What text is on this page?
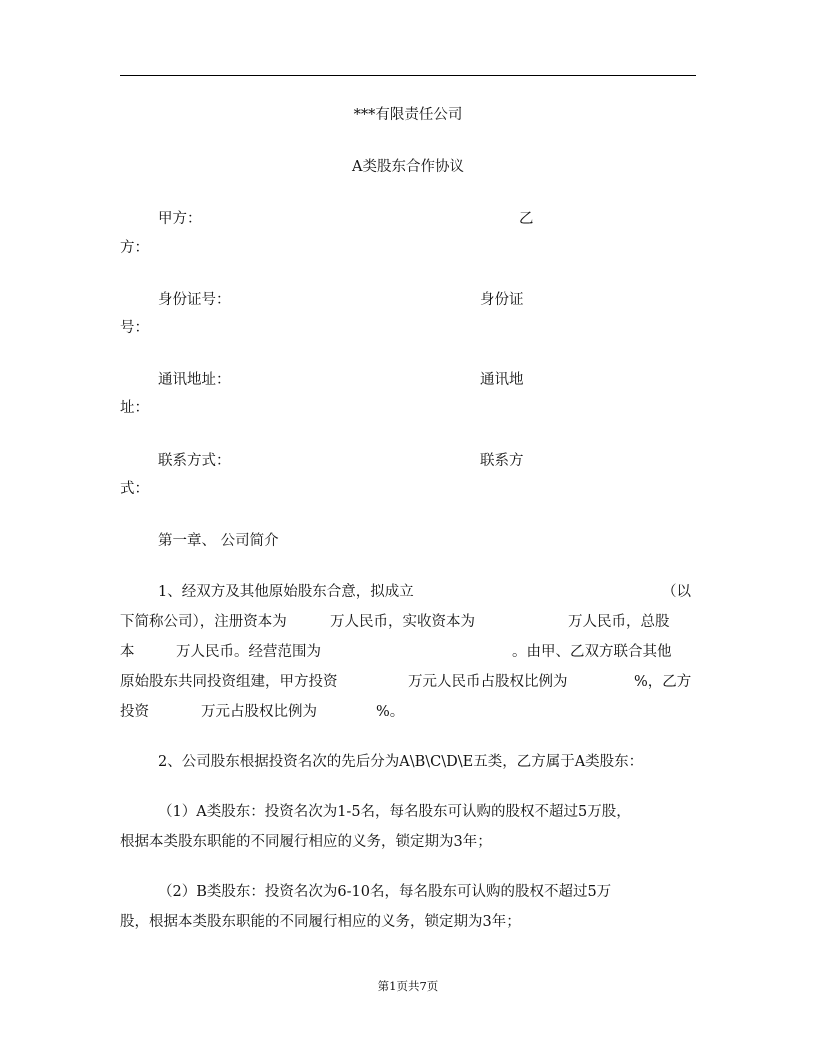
***有限责任公司
A类股东合作协议
甲方：	乙
方：
身份证号：	身份证
号：
通讯地址：	通讯地
址：
联系方式：	联系方
式：
第一章、 公司简介
1、经双方及其他原始股东合意，拟成立	（以
下简称公司），注册资本为	万人民币，实收资本为	万人民币，总股
本	万人民币。经营范围为	。由甲、乙双方联合其他
原始股东共同投资组建，甲方投资	万元人民币占股权比例为	%，乙方
投资	万元占股权比例为	%。
2、公司股东根据投资名次的先后分为A\B\C\D\E五类，乙方属于A类股东：
（1）A类股东：投资名次为1-5名，每名股东可认购的股权不超过5万股，
根据本类股东职能的不同履行相应的义务，锁定期为3年；
（2）B类股东：投资名次为6-10名，每名股东可认购的股权不超过5万
股，根据本类股东职能的不同履行相应的义务，锁定期为3年；
第1页共7页
